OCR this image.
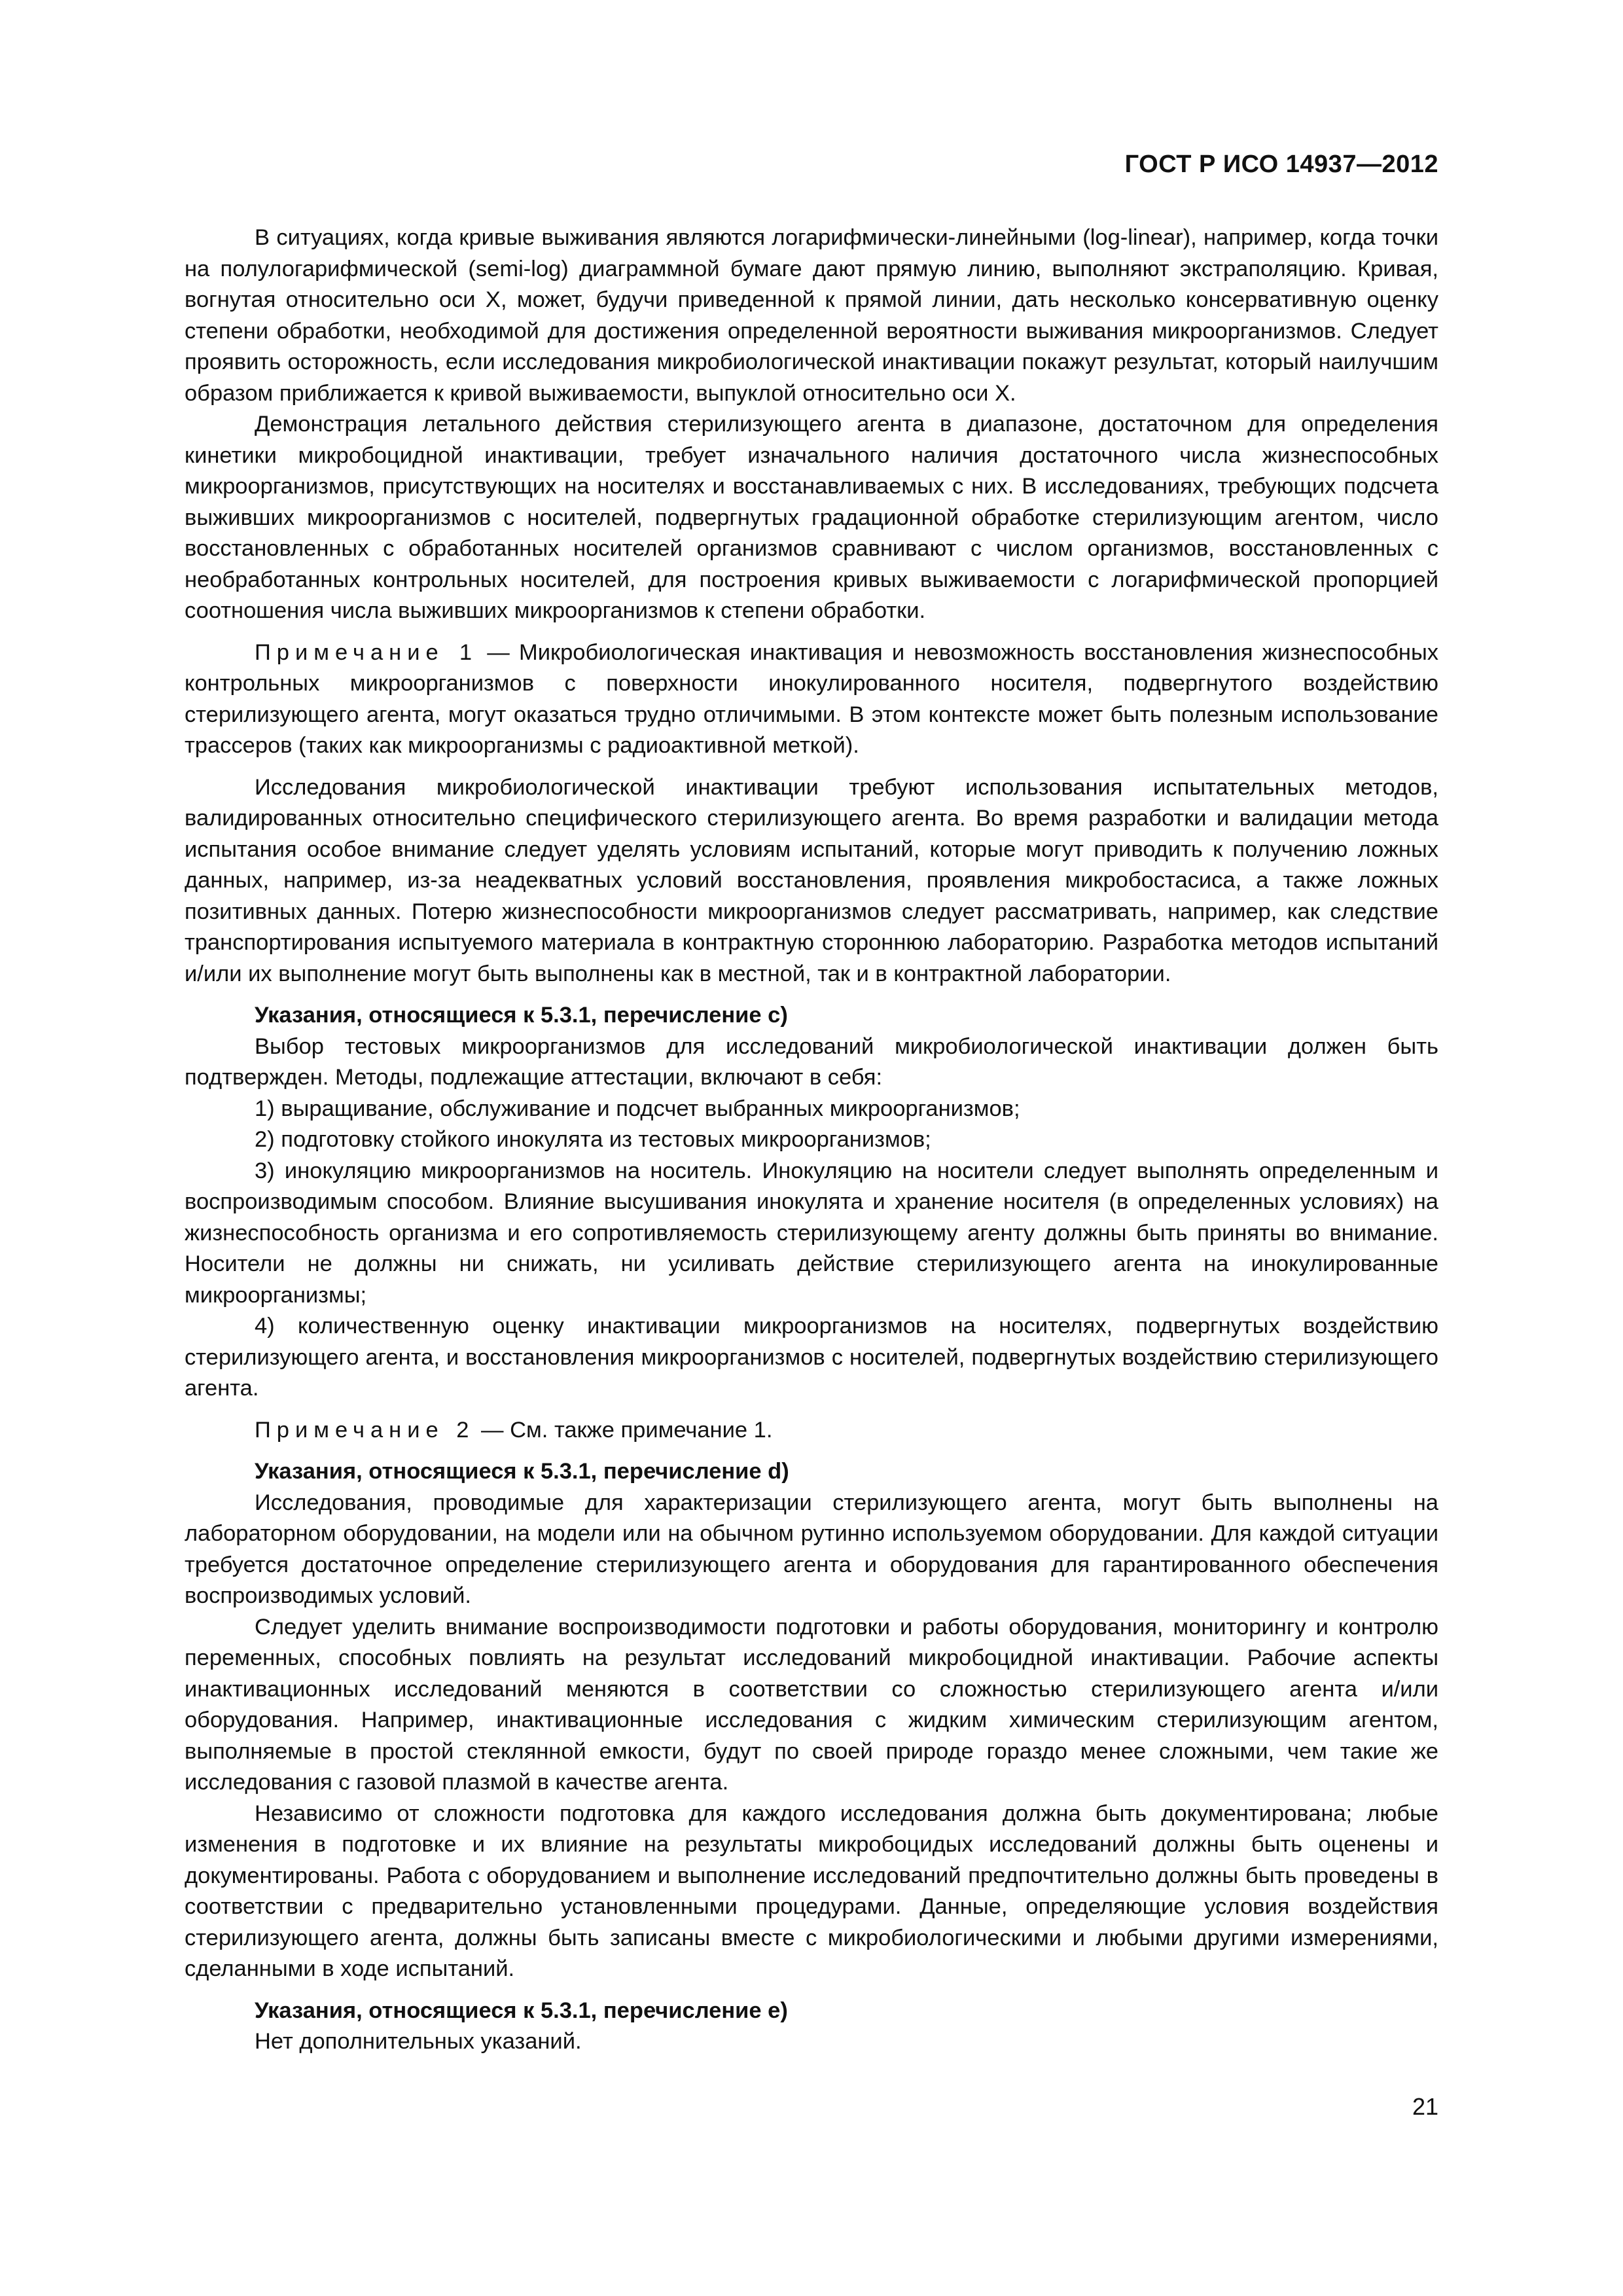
ГОСТ Р ИСО 14937—2012

В ситуациях, когда кривые выживания являются логарифмически-линейными (log-linear), например, когда точки на полулогарифмической (semi-log) диаграммной бумаге дают прямую линию, выполняют экстраполяцию. Кривая, вогнутая относительно оси X, может, будучи приведенной к прямой линии, дать несколько консервативную оценку степени обработки, необходимой для достижения определенной вероятности выживания микроорганизмов. Следует проявить осторожность, если исследования микробиологической инактивации покажут результат, который наилучшим образом приближается к кривой выживаемости, выпуклой относительно оси X.

Демонстрация летального действия стерилизующего агента в диапазоне, достаточном для определения кинетики микробоцидной инактивации, требует изначального наличия достаточного числа жизнеспособных микроорганизмов, присутствующих на носителях и восстанавливаемых с них. В исследованиях, требующих подсчета выживших микроорганизмов с носителей, подвергнутых градационной обработке стерилизующим агентом, число восстановленных с обработанных носителей организмов сравнивают с числом организмов, восстановленных с необработанных контрольных носителей, для построения кривых выживаемости с логарифмической пропорцией соотношения числа выживших микроорганизмов к степени обработки.

Примечание 1 — Микробиологическая инактивация и невозможность восстановления жизнеспособных контрольных микроорганизмов с поверхности инокулированного носителя, подвергнутого воздействию стерилизующего агента, могут оказаться трудно отличимыми. В этом контексте может быть полезным использование трассеров (таких как микроорганизмы с радиоактивной меткой).

Исследования микробиологической инактивации требуют использования испытательных методов, валидированных относительно специфического стерилизующего агента. Во время разработки и валидации метода испытания особое внимание следует уделять условиям испытаний, которые могут приводить к получению ложных данных, например, из-за неадекватных условий восстановления, проявления микробостасиса, а также ложных позитивных данных. Потерю жизнеспособности микроорганизмов следует рассматривать, например, как следствие транспортирования испытуемого материала в контрактную стороннюю лабораторию. Разработка методов испытаний и/или их выполнение могут быть выполнены как в местной, так и в контрактной лаборатории.

Указания, относящиеся к 5.3.1, перечисление c)

Выбор тестовых микроорганизмов для исследований микробиологической инактивации должен быть подтвержден. Методы, подлежащие аттестации, включают в себя:

1) выращивание, обслуживание и подсчет выбранных микроорганизмов;

2) подготовку стойкого инокулята из тестовых микроорганизмов;

3) инокуляцию микроорганизмов на носитель. Инокуляцию на носители следует выполнять определенным и воспроизводимым способом. Влияние высушивания инокулята и хранение носителя (в определенных условиях) на жизнеспособность организма и его сопротивляемость стерилизующему агенту должны быть приняты во внимание. Носители не должны ни снижать, ни усиливать действие стерилизующего агента на инокулированные микроорганизмы;

4) количественную оценку инактивации микроорганизмов на носителях, подвергнутых воздействию стерилизующего агента, и восстановления микроорганизмов с носителей, подвергнутых воздействию стерилизующего агента.

Примечание 2 — См. также примечание 1.

Указания, относящиеся к 5.3.1, перечисление d)

Исследования, проводимые для характеризации стерилизующего агента, могут быть выполнены на лабораторном оборудовании, на модели или на обычном рутинно используемом оборудовании. Для каждой ситуации требуется достаточное определение стерилизующего агента и оборудования для гарантированного обеспечения воспроизводимых условий.

Следует уделить внимание воспроизводимости подготовки и работы оборудования, мониторингу и контролю переменных, способных повлиять на результат исследований микробоцидной инактивации. Рабочие аспекты инактивационных исследований меняются в соответствии со сложностью стерилизующего агента и/или оборудования. Например, инактивационные исследования с жидким химическим стерилизующим агентом, выполняемые в простой стеклянной емкости, будут по своей природе гораздо менее сложными, чем такие же исследования с газовой плазмой в качестве агента.

Независимо от сложности подготовка для каждого исследования должна быть документирована; любые изменения в подготовке и их влияние на результаты микробоцидых исследований должны быть оценены и документированы. Работа с оборудованием и выполнение исследований предпочтительно должны быть проведены в соответствии с предварительно установленными процедурами. Данные, определяющие условия воздействия стерилизующего агента, должны быть записаны вместе с микробиологическими и любыми другими измерениями, сделанными в ходе испытаний.

Указания, относящиеся к 5.3.1, перечисление e)

Нет дополнительных указаний.

21
